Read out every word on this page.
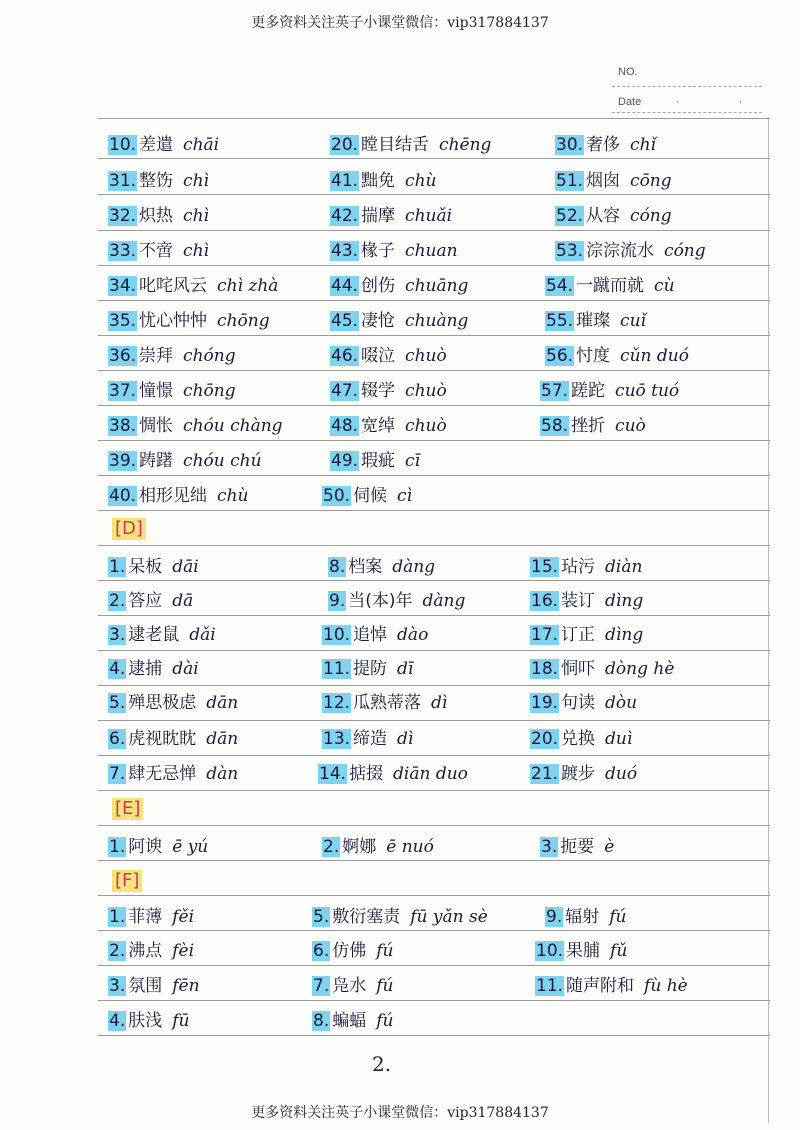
更多资料关注英子小课堂微信：vip317884137
NO.
Date	· ·
10. 差遣 chāi	20. 瞠目结舌 chēng	30. 奢侈 chǐ
31. 整饬 chì	41. 黜免 chù	51. 烟囱 cōng
32. 炽热 chì	42. 揣摩 chuǎi	52. 从容 cóng
33. 不啻 chì	43. 椽子 chuan	53. 淙淙流水 cóng
34. 叱咤风云 chì zhà	44. 创伤 chuāng	54. 一蹴而就 cù
35. 忧心忡忡 chōng	45. 凄怆 chuàng	55. 璀璨 cuǐ
36. 崇拜 chóng	46. 啜泣 chuò	56. 忖度 cǔn duó
37. 憧憬 chōng	47. 辍学 chuò	57. 蹉跎 cuō tuó
38. 惆怅 chóu chàng	48. 宽绰 chuò	58. 挫折 cuò
39. 踌躇 chóu chú	49. 瑕疵 cī
40. 相形见绌 chù	50. 伺候 cì
[D]
1. 呆板 dāi	8. 档案 dàng	15. 玷污 diàn
2. 答应 dā	9. 当(本)年 dàng	16. 装订 dìng
3. 逮老鼠 dǎi	10. 追悼 dào	17. 订正 dìng
4. 逮捕 dài	11. 提防 dī	18. 恫吓 dòng hè
5. 殚思极虑 dān	12. 瓜熟蒂落 dì	19. 句读 dòu
6. 虎视眈眈 dān	13. 缔造 dì	20. 兑换 duì
7. 肆无忌惮 dàn	14. 掂掇 diān duo	21. 踱步 duó
[E]
1. 阿谀 ē yú	2. 婀娜 ē nuó	3. 扼要 è
[F]
1. 菲薄 fěi	5. 敷衍塞责 fū yǎn sè	9. 辐射 fú
2. 沸点 fèi	6. 仿佛 fú	10. 果脯 fǔ
3. 氛围 fēn	7. 凫水 fú	11. 随声附和 fù hè
4. 肤浅 fū	8. 蝙蝠 fú
2.
更多资料关注英子小课堂微信：vip317884137
